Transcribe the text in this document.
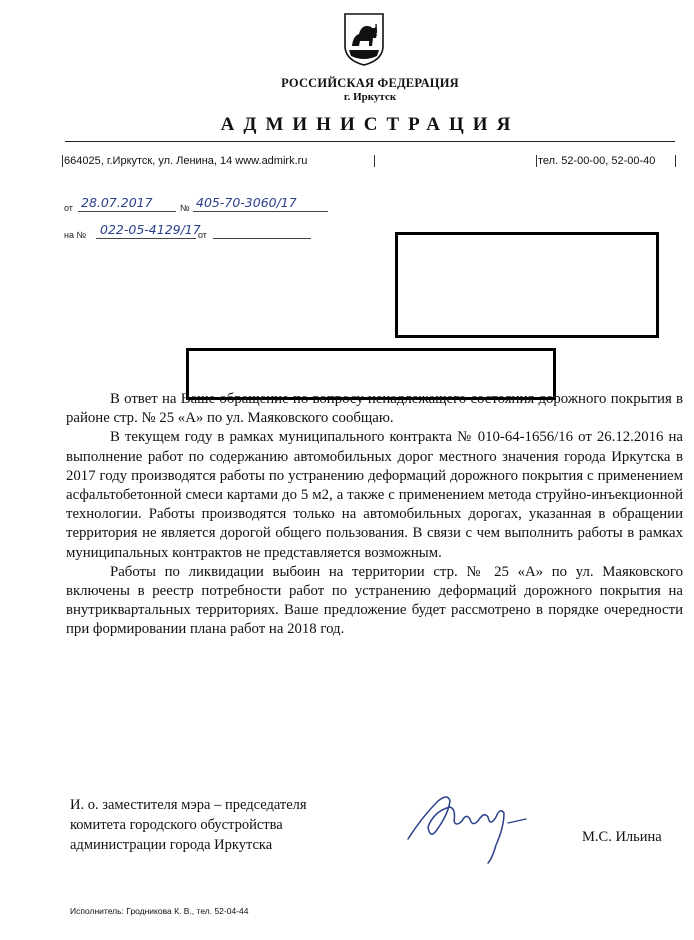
РОССИЙСКАЯ ФЕДЕРАЦИЯ
г. Иркутск
АДМИНИСТРАЦИЯ
664025, г.Иркутск, ул. Ленина, 14 www.admirk.ru	тел. 52-00-00, 52-00-40
от 28.07.2017	№ 405-70-3060/17
на № 022-05-4129/17
от

В ответ на Ваше обращение по вопросу ненадлежащего состояния дорожного покрытия в районе стр. № 25 «А» по ул. Маяковского сообщаю.

В текущем году в рамках муниципального контракта № 010-64-1656/16 от 26.12.2016 на выполнение работ по содержанию автомобильных дорог местного значения города Иркутска в 2017 году производятся работы по устранению деформаций дорожного покрытия с применением асфальтобетонной смеси картами до 5 м2, а также с применением метода струйно-инъекционной технологии. Работы производятся только на автомобильных дорогах, указанная в обращении территория не является дорогой общего пользования. В связи с чем выполнить работы в рамках муниципальных контрактов не представляется возможным.

Работы по ликвидации выбоин на территории стр. № 25 «А» по ул. Маяковского включены в реестр потребности работ по устранению деформаций дорожного покрытия на внутриквартальных территориях. Ваше предложение будет рассмотрено в порядке очередности при формировании плана работ на 2018 год.

И. о. заместителя мэра – председателя
комитета городского обустройства
администрации города Иркутска	М.С. Ильина
Исполнитель: Гродникова К. В., тел. 52-04-44
